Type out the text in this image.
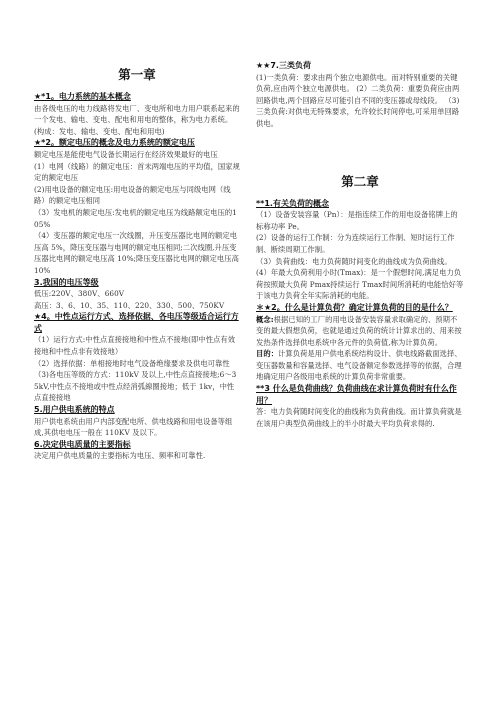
第一章

★*1。电力系统的基本概念

由各级电压的电力线路将发电厂、变电所和电力用户联系起来的一个发电、输电、变电、配电和用电的整体，称为电力系统。(构成：发电、输电、变电、配电和用电)

★*2。额定电压的概念及电力系统的额定电压

额定电压是能使电气设备长期运行在经济效果最好的电压

(1）电网（线路）的额定电压：首末两端电压的平均值，国家规定的额定电压

(2)用电设备的额定电压:用电设备的额定电压与同级电网（线路）的额定电压相同

（3）发电机的额定电压:发电机的额定电压为线路额定电压的105%

（4）变压器的额定电压一次线圈，升压变压器比电网的额定电压高 5%，降压变压器与电网的额定电压相同;二次线圈,升压变压器比电网的额定电压高 10%;降压变压器比电网的额定电压高 10%

3.我国的电压等级

低压:220V、380V、660V

高压：3、6、10、35、110、220、330、500、750KV

★4。中性点运行方式、选择依据、各电压等级适合运行方式

（1）运行方式:中性点直接接地和中性点不接地(即中性点有效接地和中性点非有效接地）

（2）选择依据：单相接地时电气设备绝缘要求及供电可靠性

（3)各电压等级的方式：110kV 及以上,中性点直接接地;6～35kV,中性点不接地或中性点经消弧線圈接地；低于 1kv，中性点直接接地

5.用户供电系统的特点

用户供电系统由用户内部变配电所、供电线路和用电设备等组成,其供电电压一般在 110KV 及以下。

6.决定供电质量的主要指标

决定用户供电质量的主要指标为电压、频率和可靠性.

★★7.三类负荷

(1)一类负荷：要求由两个独立电源供电。而对特别重要的关键负荷,应由两个独立电源供电。 (2）二类负荷：重要负荷应由两回路供电,两个回路应尽可能引自不同的变压器或母线段。 （3)三类负荷:对供电无特殊要求，允许较长时间停电,可采用单回路供电。

第二章

**1.有关负荷的概念

（1）设备安装容量（Pn）：是指连续工作的用电设备铭牌上的标称功率 Pe。

(2）设备的运行工作制：分为连续运行工作制、短时运行工作制、断续周期工作制。

（3）负荷曲线：电力负荷随时间变化的曲线成为负荷曲线。

(4）年最大负荷利用小时(Tmax)：是一个假想时间,满足电力负荷按照最大负荷 Pmax持续运行 Tmax时间所消耗的电能恰好等于该电力负荷全年实际消耗的电能。

＊★2。什么是计算负荷？确定计算负荷的目的是什么？

概念:根据已知的工厂的用电设备安装容量求取确定的、预期不变的最大假想负荷，也就是通过负荷的统计计算求出的、用来按发热条件选择供电系统中各元件的负荷值,称为计算负荷。

目的：计算负荷是用户供电系统结构设计、供电线路截面选择、变压器数量和容量选择、电气设备额定参数选择等的依据，合理地确定用户各级用电系统的计算负荷非常重要。

**3 什么是负荷曲线？负荷曲线在求计算负荷时有什么作用？

答：电力负荷随时间变化的曲线称为负荷曲线。而计算负荷就是在该用户典型负荷曲线上的半小时最大平均负荷求得的.
